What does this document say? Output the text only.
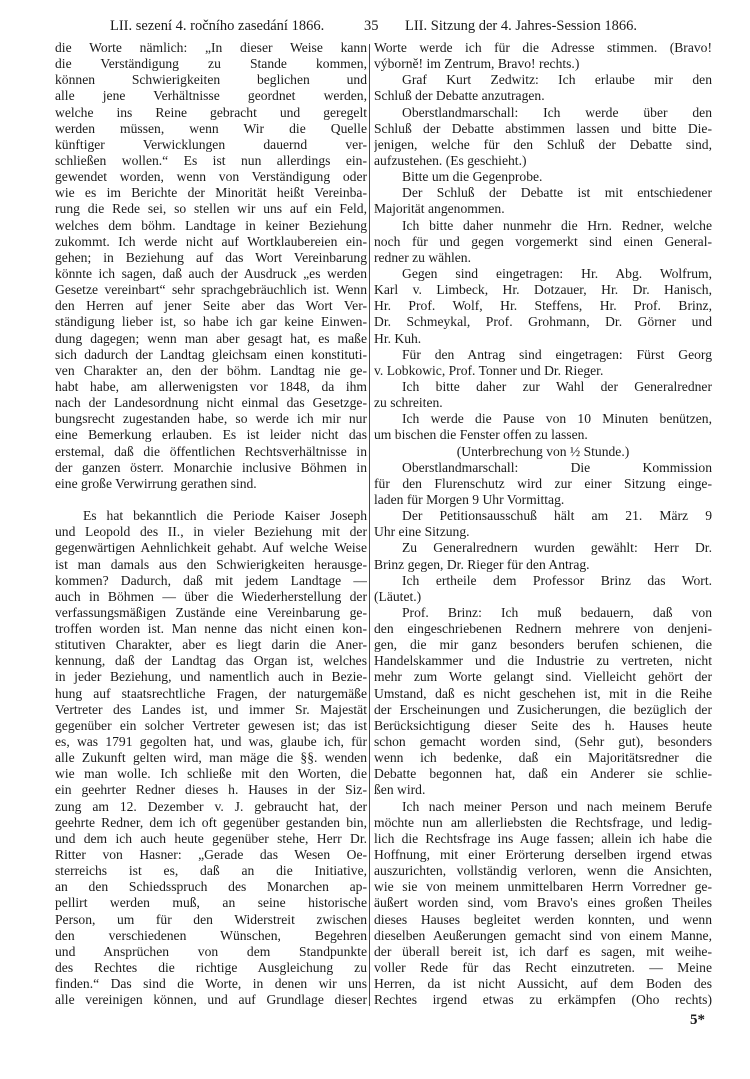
LII. sezení 4. ročního zasedání 1866.	35 LII. Sitzung der 4. Jahres-Session 1866.
die Worte nämlich: „In dieser Weise kann
die Verständigung zu Stande kommen,
können Schwierigkeiten beglichen und
alle jene Verhältnisse geordnet werden,
welche ins Reine gebracht und geregelt
werden müssen, wenn Wir die Quelle
künftiger Verwicklungen dauernd ver-
schließen wollen.“ Es ist nun allerdings ein-
gewendet worden, wenn von Verständigung oder
wie es im Berichte der Minorität heißt Vereinba-
rung die Rede sei, so stellen wir uns auf ein Feld,
welches dem böhm. Landtage in keiner Beziehung
zukommt. Ich werde nicht auf Wortklaubereien ein-
gehen; in Beziehung auf das Wort Vereinbarung
könnte ich sagen, daß auch der Ausdruck „es werden
Gesetze vereinbart“ sehr sprachgebräuchlich ist. Wenn
den Herren auf jener Seite aber das Wort Ver-
ständigung lieber ist, so habe ich gar keine Einwen-
dung dagegen; wenn man aber gesagt hat, es maße
sich dadurch der Landtag gleichsam einen konstituti-
ven Charakter an, den der böhm. Landtag nie ge-
habt habe, am allerwenigsten vor 1848, da ihm
nach der Landesordnung nicht einmal das Gesetzge-
bungsrecht zugestanden habe, so werde ich mir nur
eine Bemerkung erlauben. Es ist leider nicht das
erstemal, daß die öffentlichen Rechtsverhältnisse in
der ganzen österr. Monarchie inclusive Böhmen in
eine große Verwirrung gerathen sind.
Es hat bekanntlich die Periode Kaiser Joseph
und Leopold des II., in vieler Beziehung mit der
gegenwärtigen Aehnlichkeit gehabt. Auf welche Weise
ist man damals aus den Schwierigkeiten herausge-
kommen? Dadurch, daß mit jedem Landtage —
auch in Böhmen — über die Wiederherstellung der
verfassungsmäßigen Zustände eine Vereinbarung ge-
troffen worden ist. Man nenne das nicht einen kon-
stitutiven Charakter, aber es liegt darin die Aner-
kennung, daß der Landtag das Organ ist, welches
in jeder Beziehung, und namentlich auch in Bezie-
hung auf staatsrechtliche Fragen, der naturgemäße
Vertreter des Landes ist, und immer Sr. Majestät
gegenüber ein solcher Vertreter gewesen ist; das ist
es, was 1791 gegolten hat, und was, glaube ich, für
alle Zukunft gelten wird, man mäge die §§. wenden
wie man wolle. Ich schließe mit den Worten, die
ein geehrter Redner dieses h. Hauses in der Siz-
zung am 12. Dezember v. J. gebraucht hat, der
geehrte Redner, dem ich oft gegenüber gestanden bin,
und dem ich auch heute gegenüber stehe, Herr Dr.
Ritter von Hasner: „Gerade das Wesen Oe-
sterreichs ist es, daß an die Initiative,
an den Schiedsspruch des Monarchen ap-
pellirt werden muß, an seine historische
Person, um für den Widerstreit zwischen
den verschiedenen Wünschen, Begehren
und Ansprüchen von dem Standpunkte
des Rechtes die richtige Ausgleichung zu
finden.“ Das sind die Worte, in denen wir uns
alle vereinigen können, und auf Grundlage dieser
Worte werde ich für die Adresse stimmen. (Bravo!
výborně! im Zentrum, Bravo! rechts.)
Graf Kurt Zedwitz: Ich erlaube mir den
Schluß der Debatte anzutragen.
Oberstlandmarschall: Ich werde über den
Schluß der Debatte abstimmen lassen und bitte Die-
jenigen, welche für den Schluß der Debatte sind,
aufzustehen. (Es geschieht.)
Bitte um die Gegenprobe.
Der Schluß der Debatte ist mit entschiedener
Majorität angenommen.
Ich bitte daher nunmehr die Hrn. Redner, welche
noch für und gegen vorgemerkt sind einen General-
redner zu wählen.
Gegen sind eingetragen: Hr. Abg. Wolfrum,
Karl v. Limbeck, Hr. Dotzauer, Hr. Dr. Hanisch,
Hr. Prof. Wolf, Hr. Steffens, Hr. Prof. Brinz,
Dr. Schmeykal, Prof. Grohmann, Dr. Görner und
Hr. Kuh.
Für den Antrag sind eingetragen: Fürst Georg
v. Lobkowic, Prof. Tonner und Dr. Rieger.
Ich bitte daher zur Wahl der Generalredner
zu schreiten.
Ich werde die Pause von 10 Minuten benützen,
um bischen die Fenster offen zu lassen.
(Unterbrechung von ½ Stunde.)
Oberstlandmarschall: Die Kommission
für den Flurenschutz wird zur einer Sitzung einge-
laden für Morgen 9 Uhr Vormittag.
Der Petitionsausschuß hält am 21. März 9
Uhr eine Sitzung.
Zu Generalrednern wurden gewählt: Herr Dr.
Brinz gegen, Dr. Rieger für den Antrag.
Ich ertheile dem Professor Brinz das Wort.
(Läutet.)
Prof. Brinz: Ich muß bedauern, daß von
den eingeschriebenen Rednern mehrere von denjeni-
gen, die mir ganz besonders berufen schienen, die
Handelskammer und die Industrie zu vertreten, nicht
mehr zum Worte gelangt sind. Vielleicht gehört der
Umstand, daß es nicht geschehen ist, mit in die Reihe
der Erscheinungen und Zusicherungen, die bezüglich der
Berücksichtigung dieser Seite des h. Hauses heute
schon gemacht worden sind, (Sehr gut), besonders
wenn ich bedenke, daß ein Majoritätsredner die
Debatte begonnen hat, daß ein Anderer sie schlie-
ßen wird.
Ich nach meiner Person und nach meinem Berufe
möchte nun am allerliebsten die Rechtsfrage, und ledig-
lich die Rechtsfrage ins Auge fassen; allein ich habe die
Hoffnung, mit einer Erörterung derselben irgend etwas
auszurichten, vollständig verloren, wenn die Ansichten,
wie sie von meinem unmittelbaren Herrn Vorredner ge-
äußert worden sind, vom Bravo's eines großen Theiles
dieses Hauses begleitet werden konnten, und wenn
dieselben Aeußerungen gemacht sind von einem Manne,
der überall bereit ist, ich darf es sagen, mit weihe-
voller Rede für das Recht einzutreten. — Meine
Herren, da ist nicht Aussicht, auf dem Boden des
Rechtes irgend etwas zu erkämpfen (Oho rechts)
5*
